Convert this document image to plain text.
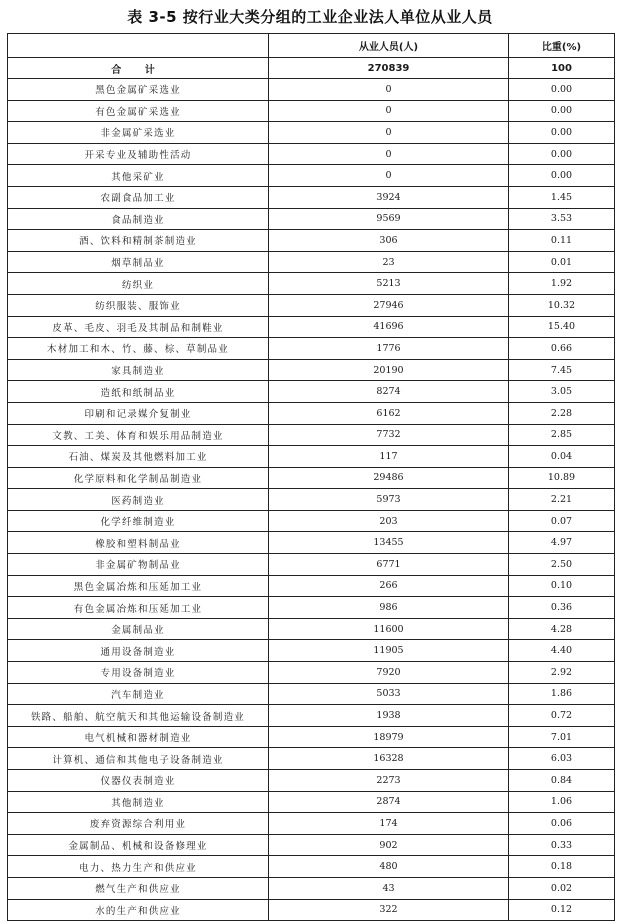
表 3-5 按行业大类分组的工业企业法人单位从业人员
	从业人员(人)	比重(%)
合 计	270839	100
黑色金属矿采选业	0	0.00
有色金属矿采选业	0	0.00
非金属矿采选业	0	0.00
开采专业及辅助性活动	0	0.00
其他采矿业	0	0.00
农副食品加工业	3924	1.45
食品制造业	9569	3.53
酒、饮料和精制茶制造业	306	0.11
烟草制品业	23	0.01
纺织业	5213	1.92
纺织服装、服饰业	27946	10.32
皮革、毛皮、羽毛及其制品和制鞋业	41696	15.40
木材加工和木、竹、藤、棕、草制品业	1776	0.66
家具制造业	20190	7.45
造纸和纸制品业	8274	3.05
印刷和记录媒介复制业	6162	2.28
文教、工美、体育和娱乐用品制造业	7732	2.85
石油、煤炭及其他燃料加工业	117	0.04
化学原料和化学制品制造业	29486	10.89
医药制造业	5973	2.21
化学纤维制造业	203	0.07
橡胶和塑料制品业	13455	4.97
非金属矿物制品业	6771	2.50
黑色金属冶炼和压延加工业	266	0.10
有色金属冶炼和压延加工业	986	0.36
金属制品业	11600	4.28
通用设备制造业	11905	4.40
专用设备制造业	7920	2.92
汽车制造业	5033	1.86
铁路、船舶、航空航天和其他运输设备制造业	1938	0.72
电气机械和器材制造业	18979	7.01
计算机、通信和其他电子设备制造业	16328	6.03
仪器仪表制造业	2273	0.84
其他制造业	2874	1.06
废弃资源综合利用业	174	0.06
金属制品、机械和设备修理业	902	0.33
电力、热力生产和供应业	480	0.18
燃气生产和供应业	43	0.02
水的生产和供应业	322	0.12
